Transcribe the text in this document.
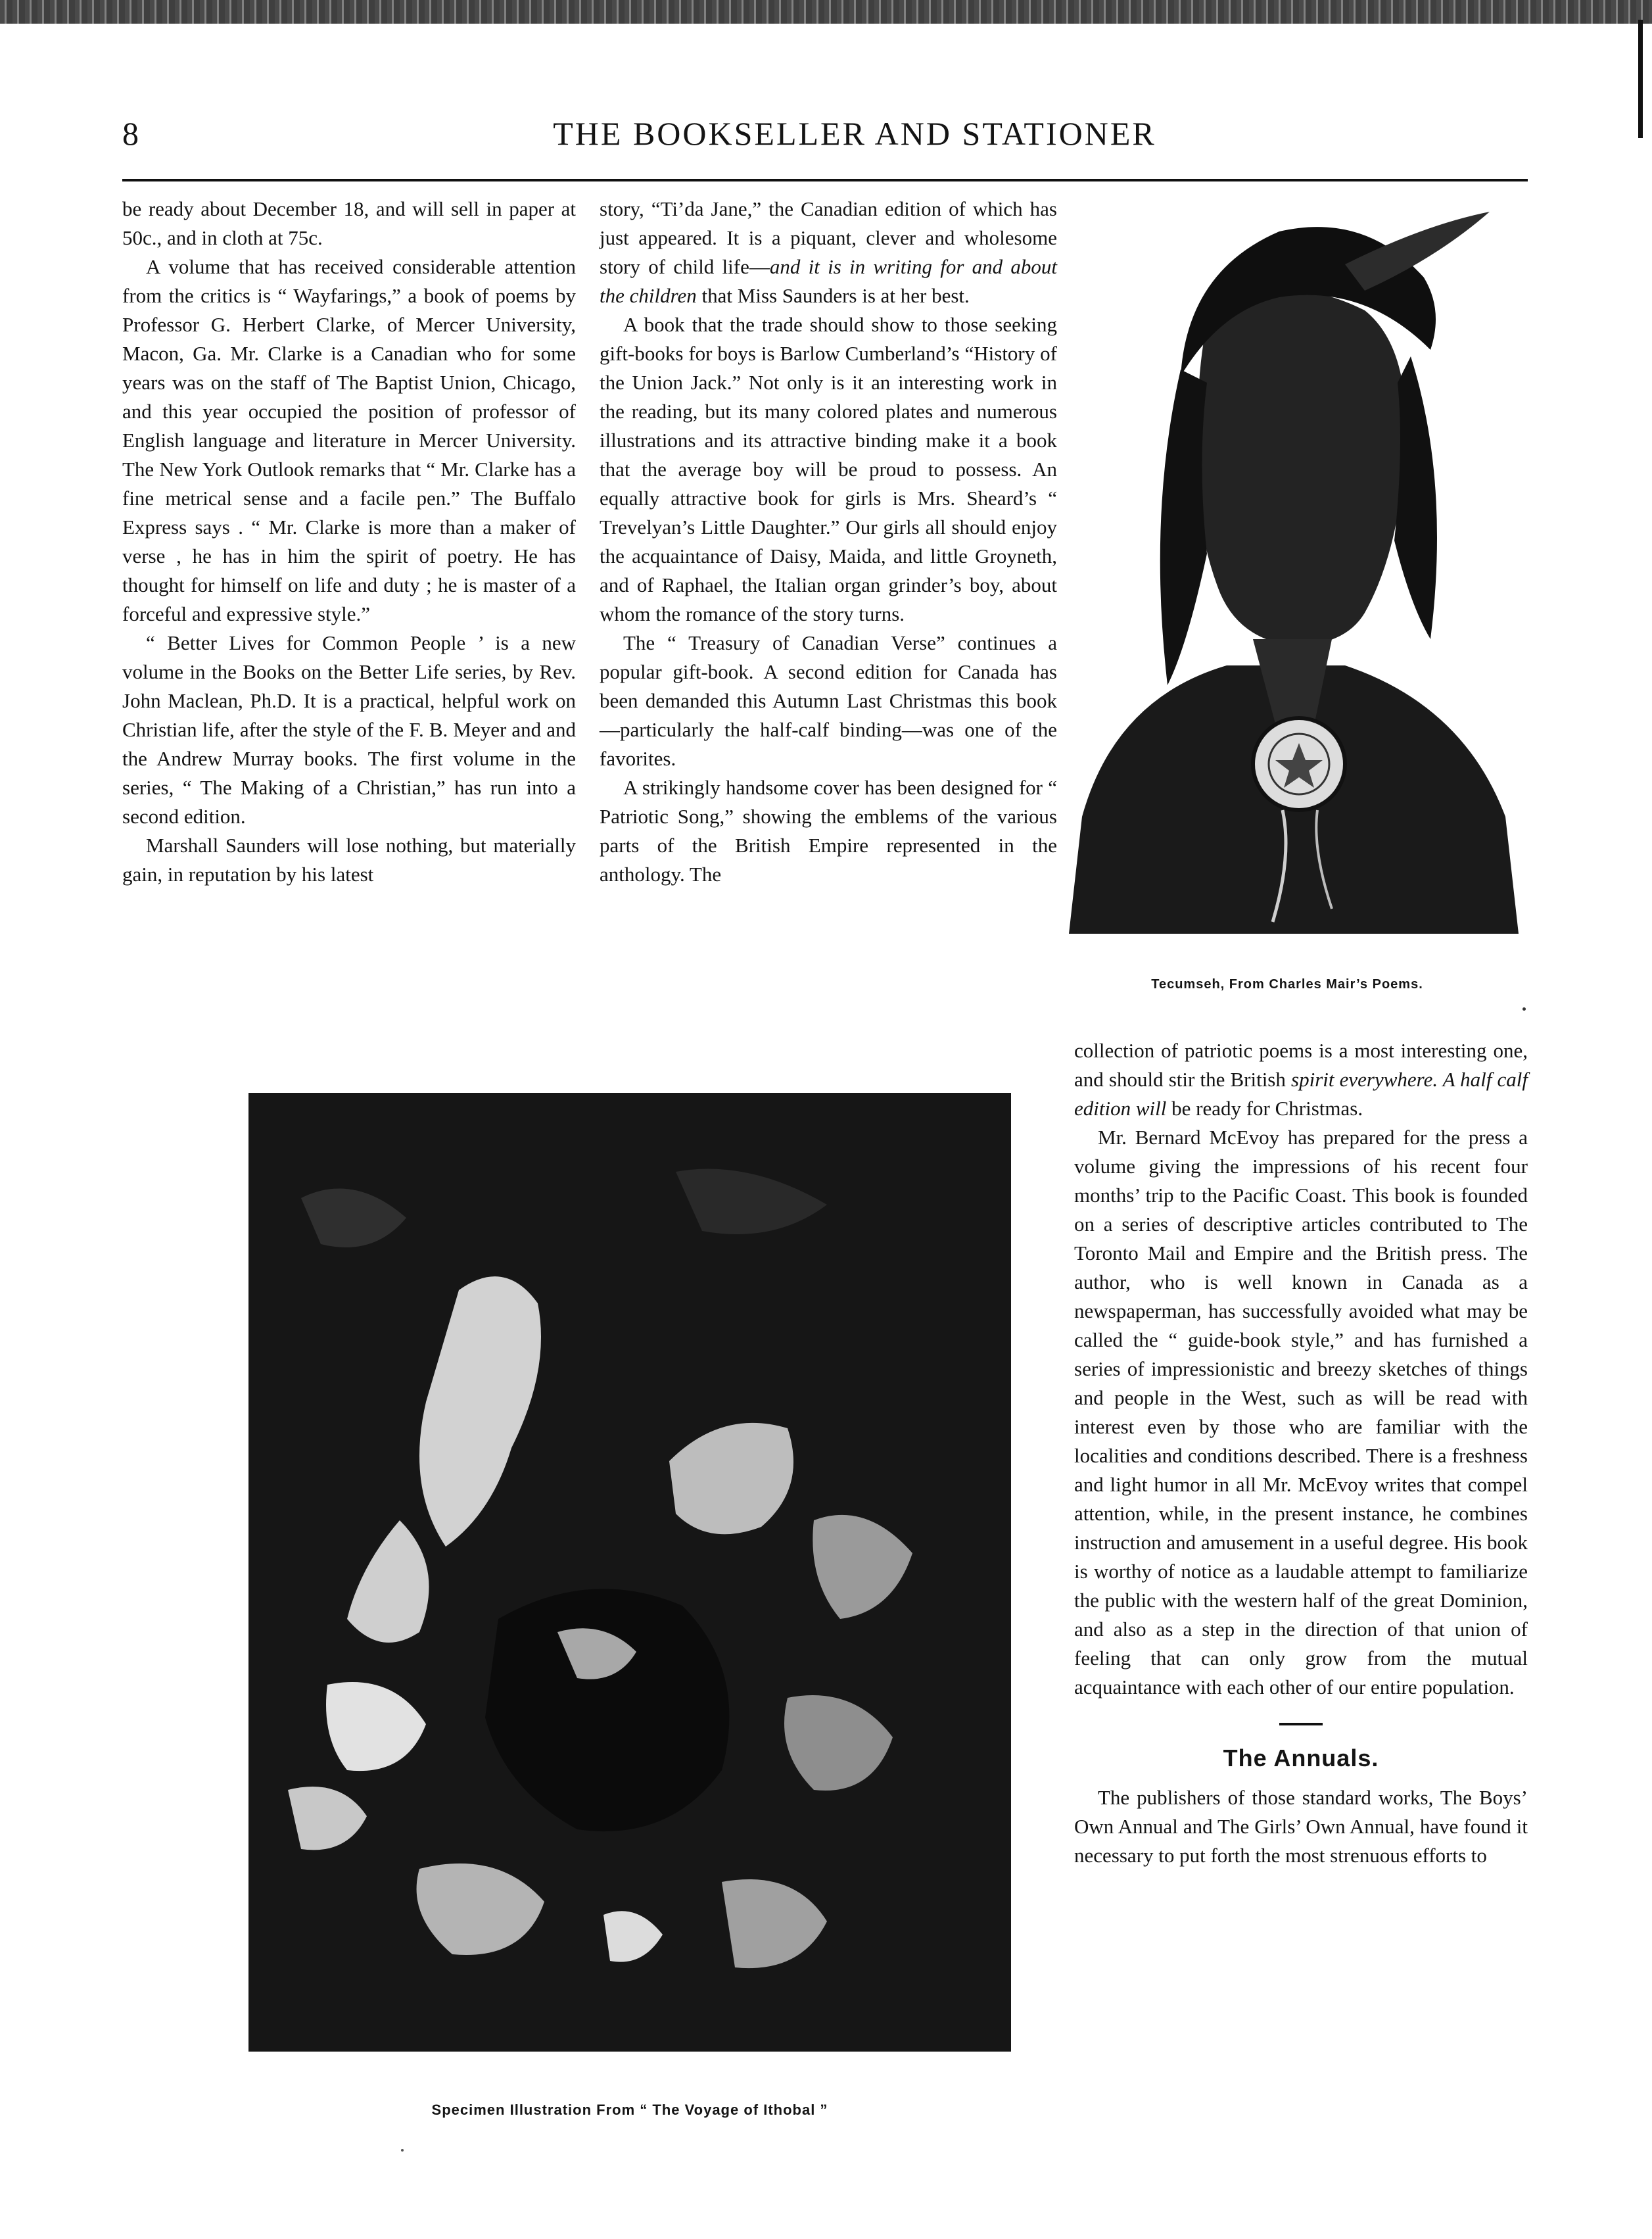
8	THE BOOKSELLER AND STATIONER

be ready about December 18, and will sell in paper at 50c., and in cloth at 75c.

A volume that has received considerable attention from the critics is “ Wayfarings,” a book of poems by Professor G. Herbert Clarke, of Mercer University, Macon, Ga. Mr. Clarke is a Canadian who for some years was on the staff of The Baptist Union, Chicago, and this year occupied the position of professor of English language and literature in Mercer University. The New York Outlook remarks that “ Mr. Clarke has a fine metrical sense and a facile pen.” The Buffalo Express says . “ Mr. Clarke is more than a maker of verse , he has in him the spirit of poetry. He has thought for himself on life and duty ; he is master of a forceful and expressive style.”

“ Better Lives for Common People ’ is a new volume in the Books on the Better Life series, by Rev. John Maclean, Ph.D. It is a practical, helpful work on Christian life, after the style of the F. B. Meyer and and the Andrew Murray books. The first volume in the series, “ The Making of a Christian,” has run into a second edition.

Marshall Saunders will lose nothing, but materially gain, in reputation by his latest

story, “Ti’da Jane,” the Canadian edition of which has just appeared. It is a piquant, clever and wholesome story of child life—and it is in writing for and about the children that Miss Saunders is at her best.

A book that the trade should show to those seeking gift-books for boys is Barlow Cumberland’s “History of the Union Jack.” Not only is it an interesting work in the reading, but its many colored plates and numerous illustrations and its attractive binding make it a book that the average boy will be proud to possess. An equally attractive book for girls is Mrs. Sheard’s “ Trevelyan’s Little Daughter.” Our girls all should enjoy the acquaintance of Daisy, Maida, and little Groyneth, and of Raphael, the Italian organ grinder’s boy, about whom the romance of the story turns.

The “ Treasury of Canadian Verse” continues a popular gift-book. A second edition for Canada has been demanded this Autumn Last Christmas this book—particularly the half-calf binding—was one of the favorites.

A strikingly handsome cover has been designed for “ Patriotic Song,” showing the emblems of the various parts of the British Empire represented in the anthology. The

Tecumseh, From Charles Mair’s Poems.

collection of patriotic poems is a most interesting one, and should stir the British spirit everywhere. A half calf edition will be ready for Christmas.

Mr. Bernard McEvoy has prepared for the press a volume giving the impressions of his recent four months’ trip to the Pacific Coast. This book is founded on a series of descriptive articles contributed to The Toronto Mail and Empire and the British press. The author, who is well known in Canada as a newspaperman, has successfully avoided what may be called the “ guide-book style,” and has furnished a series of impressionistic and breezy sketches of things and people in the West, such as will be read with interest even by those who are familiar with the localities and conditions described. There is a freshness and light humor in all Mr. McEvoy writes that compel attention, while, in the present instance, he combines instruction and amusement in a useful degree. His book is worthy of notice as a laudable attempt to familiarize the public with the western half of the great Dominion, and also as a step in the direction of that union of feeling that can only grow from the mutual acquaintance with each other of our entire population.

The Annuals.

The publishers of those standard works, The Boys’ Own Annual and The Girls’ Own Annual, have found it necessary to put forth the most strenuous efforts to

Specimen Illustration From “ The Voyage of Ithobal ”
